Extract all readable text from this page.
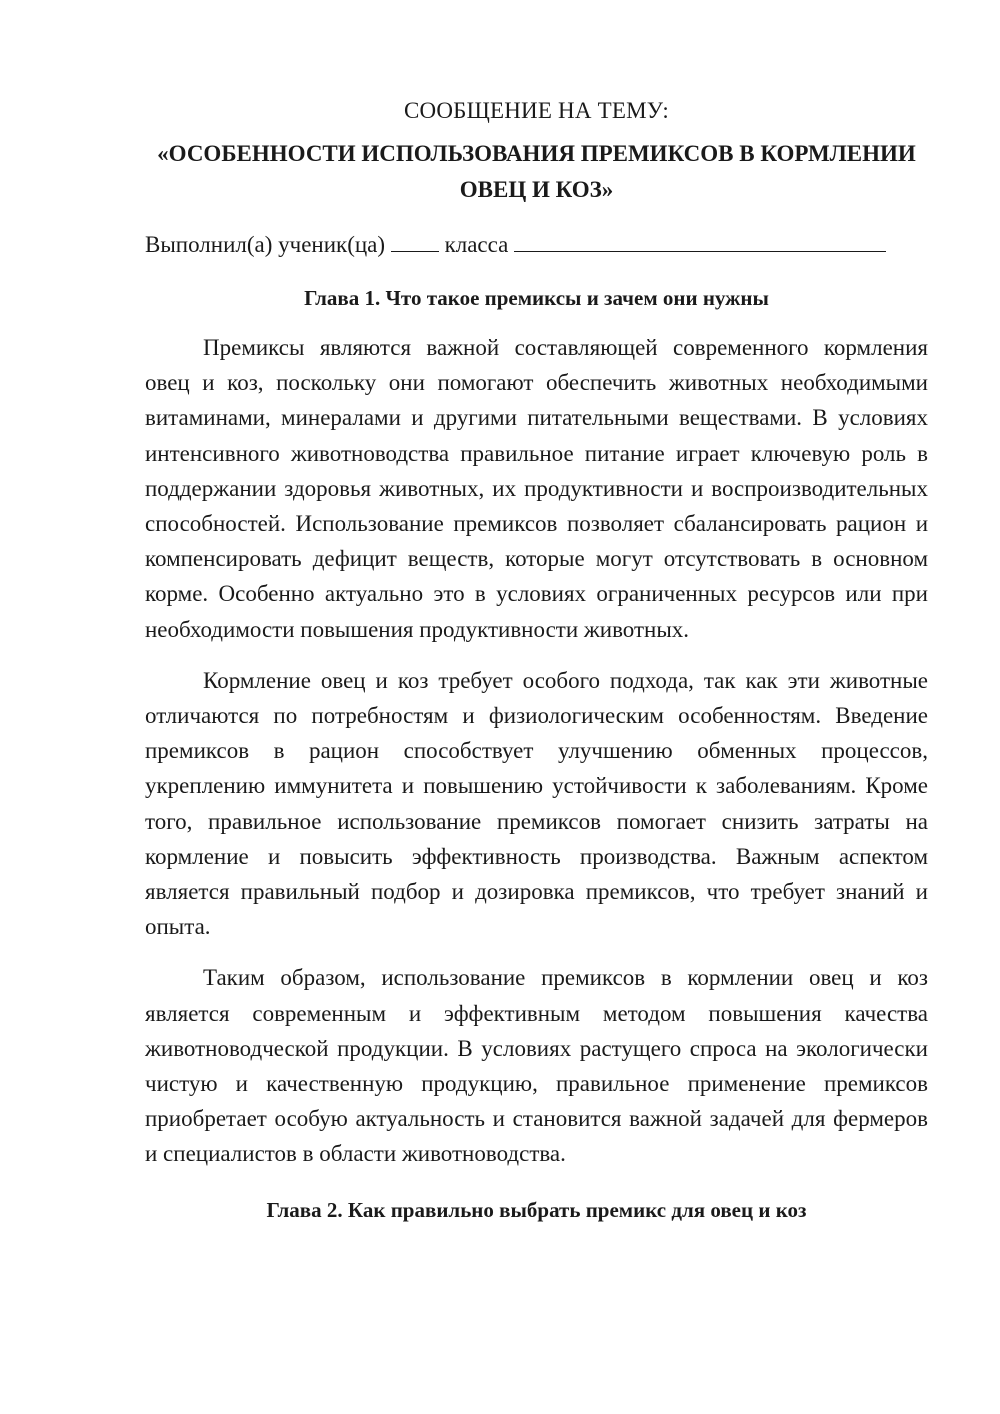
СООБЩЕНИЕ НА ТЕМУ:

«ОСОБЕННОСТИ ИСПОЛЬЗОВАНИЯ ПРЕМИКСОВ В КОРМЛЕНИИ ОВЕЦ И КОЗ»

Выполнил(а) ученик(ца)	класса

Глава 1. Что такое премиксы и зачем они нужны

Премиксы являются важной составляющей современного кормления овец и коз, поскольку они помогают обеспечить животных необходимыми витаминами, минералами и другими питательными веществами. В условиях интенсивного животноводства правильное питание играет ключевую роль в поддержании здоровья животных, их продуктивности и воспроизводительных способностей. Использование премиксов позволяет сбалансировать рацион и компенсировать дефицит веществ, которые могут отсутствовать в основном корме. Особенно актуально это в условиях ограниченных ресурсов или при необходимости повышения продуктивности животных.

Кормление овец и коз требует особого подхода, так как эти животные отличаются по потребностям и физиологическим особенностям. Введение премиксов в рацион способствует улучшению обменных процессов, укреплению иммунитета и повышению устойчивости к заболеваниям. Кроме того, правильное использование премиксов помогает снизить затраты на кормление и повысить эффективность производства. Важным аспектом является правильный подбор и дозировка премиксов, что требует знаний и опыта.

Таким образом, использование премиксов в кормлении овец и коз является современным и эффективным методом повышения качества животноводческой продукции. В условиях растущего спроса на экологически чистую и качественную продукцию, правильное применение премиксов приобретает особую актуальность и становится важной задачей для фермеров и специалистов в области животноводства.

Глава 2. Как правильно выбрать премикс для овец и коз
